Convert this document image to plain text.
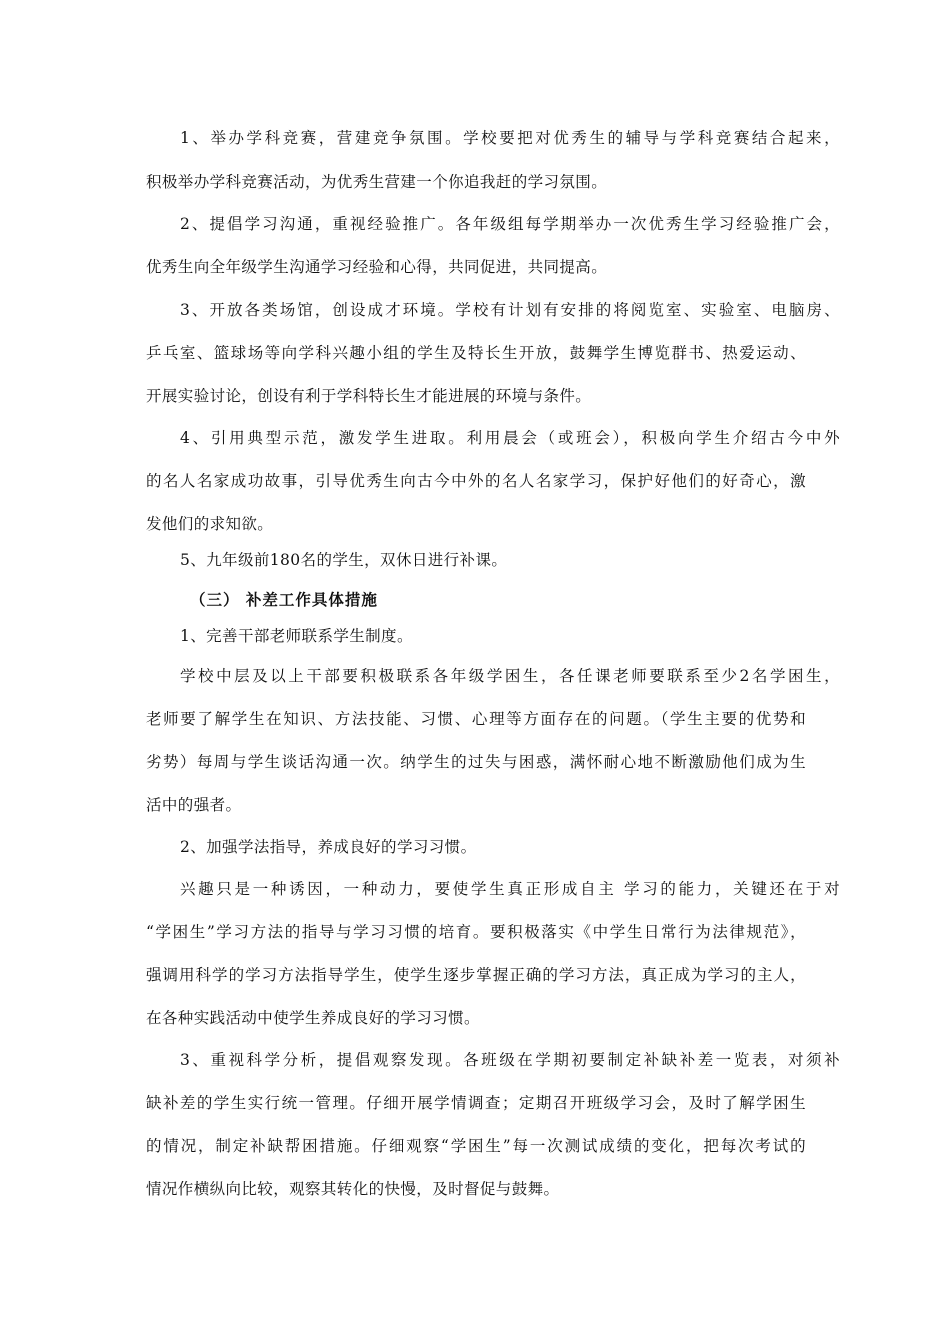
1、举办学科竞赛，营建竞争氛围。学校要把对优秀生的辅导与学科竞赛结合起来，
积极举办学科竞赛活动，为优秀生营建一个你追我赶的学习氛围。
2、提倡学习沟通，重视经验推广。各年级组每学期举办一次优秀生学习经验推广会，
优秀生向全年级学生沟通学习经验和心得，共同促进，共同提高。
3、开放各类场馆，创设成才环境。学校有计划有安排的将阅览室、实验室、电脑房、
乒乓室、篮球场等向学科兴趣小组的学生及特长生开放，鼓舞学生博览群书、热爱运动、
开展实验讨论，创设有利于学科特长生才能进展的环境与条件。
4、引用典型示范，激发学生进取。利用晨会（或班会），积极向学生介绍古今中外
的名人名家成功故事，引导优秀生向古今中外的名人名家学习，保护好他们的好奇心，激
发他们的求知欲。
5、九年级前180名的学生，双休日进行补课。
（三） 补差工作具体措施
1、完善干部老师联系学生制度。
学校中层及以上干部要积极联系各年级学困生，各任课老师要联系至少2名学困生，
老师要了解学生在知识、方法技能、习惯、心理等方面存在的问题。（学生主要的优势和
劣势）每周与学生谈话沟通一次。纳学生的过失与困惑，满怀耐心地不断激励他们成为生
活中的强者。
2、加强学法指导，养成良好的学习习惯。
兴趣只是一种诱因，一种动力，要使学生真正形成自主 学习的能力，关键还在于对
“学困生”学习方法的指导与学习习惯的培育。要积极落实《中学生日常行为法律规范》，
强调用科学的学习方法指导学生，使学生逐步掌握正确的学习方法，真正成为学习的主人，
在各种实践活动中使学生养成良好的学习习惯。
3、重视科学分析，提倡观察发现。各班级在学期初要制定补缺补差一览表，对须补
缺补差的学生实行统一管理。仔细开展学情调查；定期召开班级学习会，及时了解学困生
的情况，制定补缺帮困措施。仔细观察“学困生”每一次测试成绩的变化，把每次考试的
情况作横纵向比较，观察其转化的快慢，及时督促与鼓舞。
